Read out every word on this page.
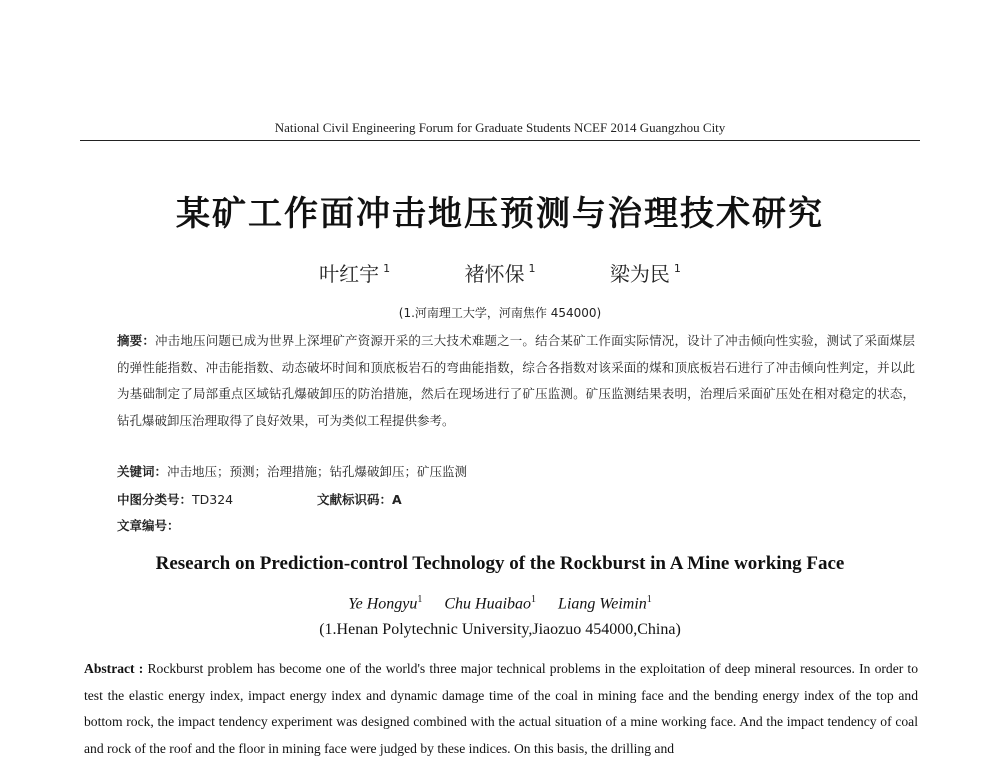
National Civil Engineering Forum for Graduate Students NCEF 2014 Guangzhou City
某矿工作面冲击地压预测与治理技术研究
叶红宇 $^1$	褚怀保 $^1$	梁为民 $^1$
(1.河南理工大学，河南焦作 454000)
摘要：冲击地压问题已成为世界上深埋矿产资源开采的三大技术难题之一。结合某矿工作面实际情况，设计了冲击倾向性实验，测试了采面煤层的弹性能指数、冲击能指数、动态破坏时间和顶底板岩石的弯曲能指数，综合各指数对该采面的煤和顶底板岩石进行了冲击倾向性判定，并以此为基础制定了局部重点区域钻孔爆破卸压的防治措施，然后在现场进行了矿压监测。矿压监测结果表明，治理后采面矿压处在相对稳定的状态，钻孔爆破卸压治理取得了良好效果，可为类似工程提供参考。
关键词：冲击地压；预测；治理措施；钻孔爆破卸压；矿压监测
中图分类号：TD324	文献标识码：A
文章编号：
Research on Prediction-control Technology of the Rockburst in A Mine working Face
Ye Hongyu$^1$ Chu Huaibao$^1$ Liang Weimin$^1$
(1.Henan Polytechnic University,Jiaozuo 454000,China)
Abstract : Rockburst problem has become one of the world's three major technical problems in the exploitation of deep mineral resources. In order to test the elastic energy index, impact energy index and dynamic damage time of the coal in mining face and the bending energy index of the top and bottom rock, the impact tendency experiment was designed combined with the actual situation of a mine working face. And the impact tendency of coal and rock of the roof and the floor in mining face were judged by these indices. On this basis, the drilling and
